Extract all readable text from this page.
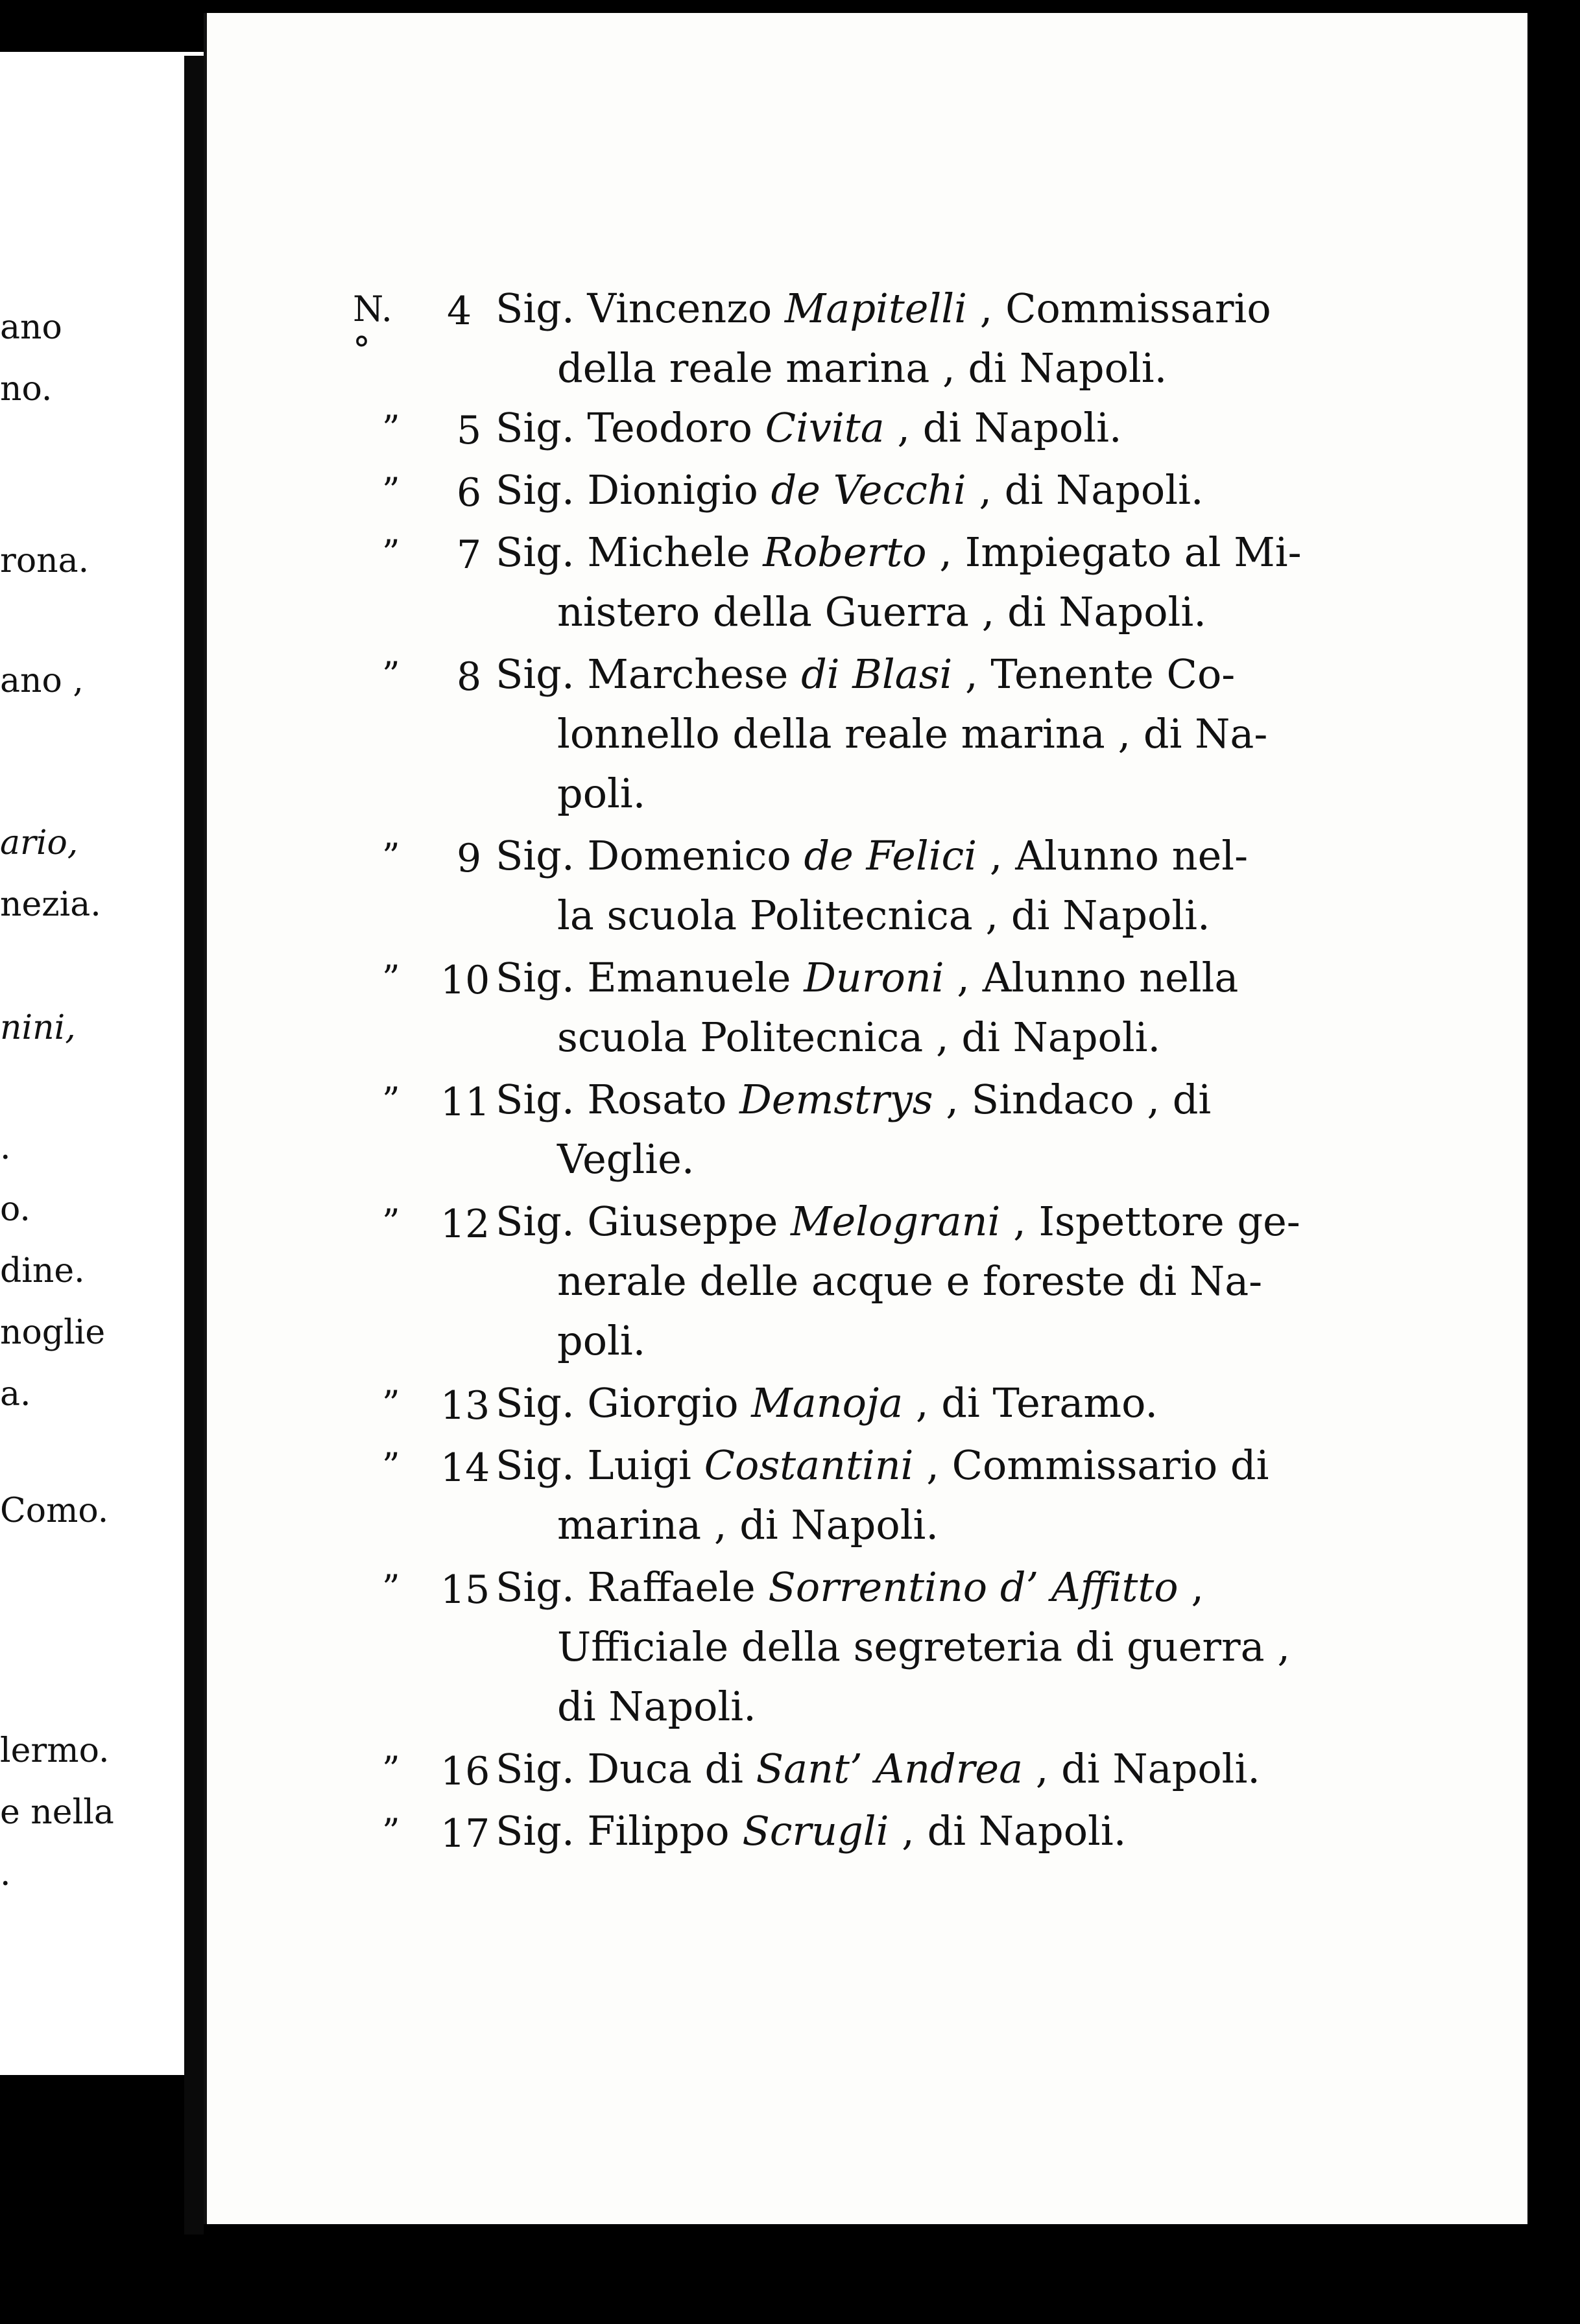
ano
no.
rona.
ano ,
ario,
nezia.
nini,
.
o.
dine.
noglie
a.
Como.
lermo.
e nella
.
N.°
4 Sig. Vincenzo Mapitelli , Commissario
della reale marina , di Napoli.
” 5 Sig. Teodoro Civita , di Napoli.
” 6 Sig. Dionigio de Vecchi , di Napoli.
” 7 Sig. Michele Roberto , Impiegato al Mi-
nistero della Guerra , di Napoli.
” 8 Sig. Marchese di Blasi , Tenente Co-
lonnello della reale marina , di Na-
poli.
” 9 Sig. Domenico de Felici , Alunno nel-
la scuola Politecnica , di Napoli.
” 10 Sig. Emanuele Duroni , Alunno nella
scuola Politecnica , di Napoli.
” 11 Sig. Rosato Demstrys , Sindaco , di
Veglie.
” 12 Sig. Giuseppe Melograni , Ispettore ge-
nerale delle acque e foreste di Na-
poli.
” 13 Sig. Giorgio Manoja , di Teramo.
” 14 Sig. Luigi Costantini , Commissario di
marina , di Napoli.
” 15 Sig. Raffaele Sorrentino d’ Affitto ,
Ufficiale della segreteria di guerra ,
di Napoli.
” 16 Sig. Duca di Sant’ Andrea , di Napoli.
” 17 Sig. Filippo Scrugli , di Napoli.
